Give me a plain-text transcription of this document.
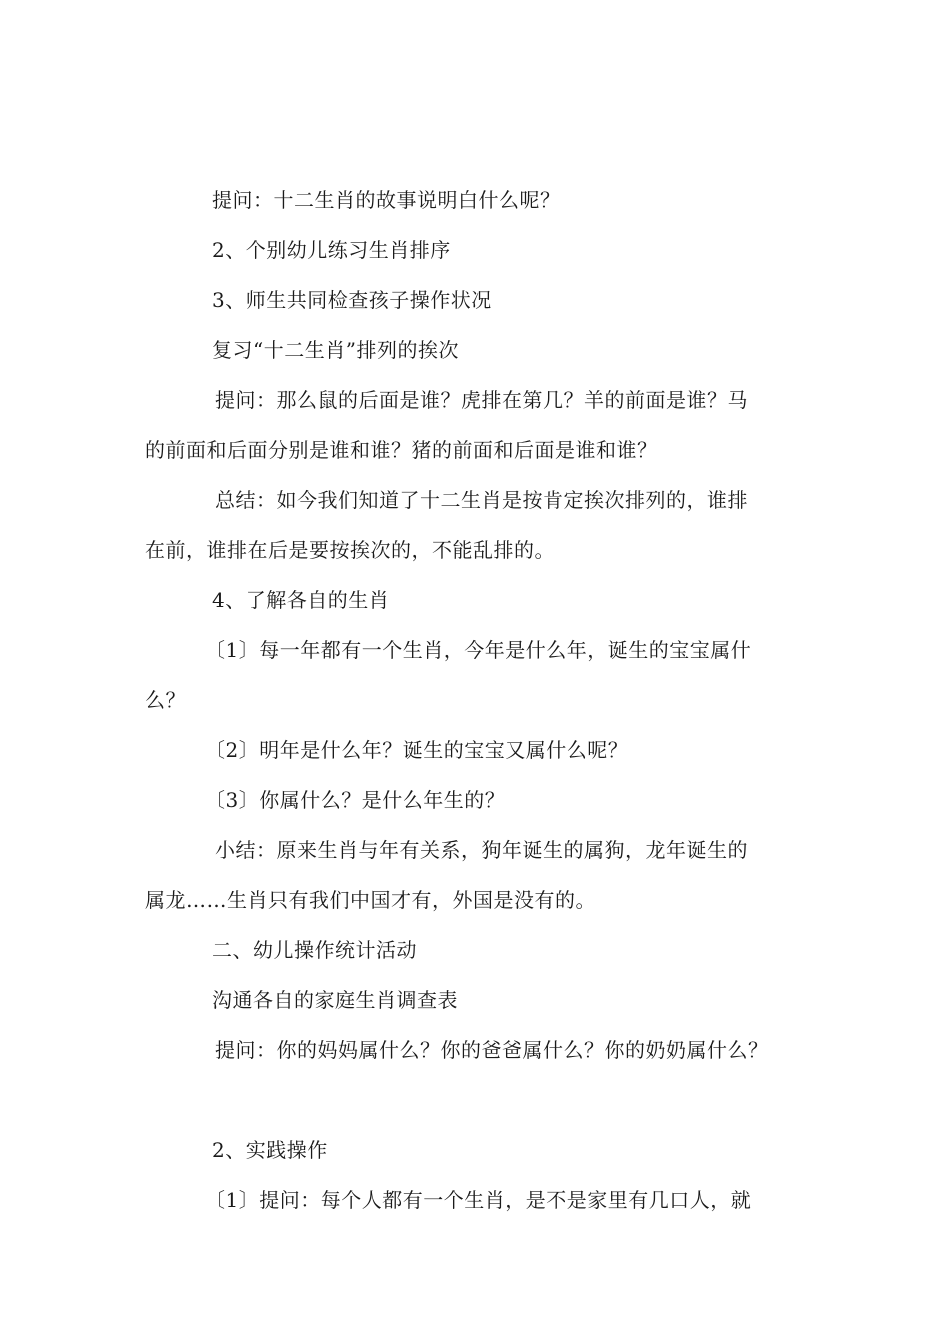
提问：十二生肖的故事说明白什么呢？
2、个别幼儿练习生肖排序
3、师生共同检查孩子操作状况
复习“十二生肖”排列的挨次
提问：那么鼠的后面是谁？虎排在第几？羊的前面是谁？马
的前面和后面分别是谁和谁？猪的前面和后面是谁和谁？
总结：如今我们知道了十二生肖是按肯定挨次排列的，谁排
在前，谁排在后是要按挨次的，不能乱排的。
4、了解各自的生肖
〔1〕每一年都有一个生肖，今年是什么年，诞生的宝宝属什
么？
〔2〕明年是什么年？诞生的宝宝又属什么呢？
〔3〕你属什么？是什么年生的？
小结：原来生肖与年有关系，狗年诞生的属狗，龙年诞生的
属龙……生肖只有我们中国才有，外国是没有的。
二、幼儿操作统计活动
沟通各自的家庭生肖调查表
提问：你的妈妈属什么？你的爸爸属什么？你的奶奶属什么？
2、实践操作
〔1〕提问：每个人都有一个生肖，是不是家里有几口人，就
